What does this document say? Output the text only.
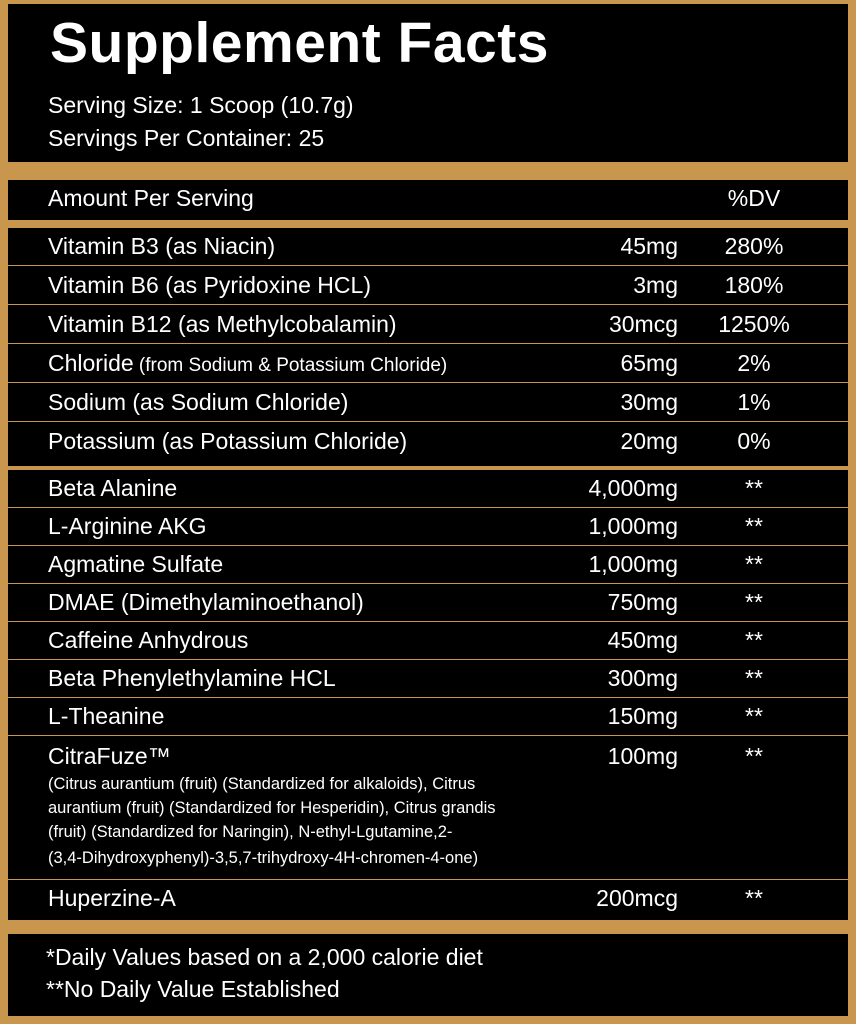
Supplement Facts
Serving Size: 1 Scoop (10.7g)
Servings Per Container: 25
Amount Per Serving	%DV
Vitamin B3 (as Niacin)	45mg	280%
Vitamin B6 (as Pyridoxine HCL)	3mg	180%
Vitamin B12 (as Methylcobalamin)	30mcg	1250%
Chloride (from Sodium & Potassium Chloride)	65mg	2%
Sodium (as Sodium Chloride)	30mg	1%
Potassium (as Potassium Chloride)	20mg	0%
Beta Alanine	4,000mg	**
L-Arginine AKG	1,000mg	**
Agmatine Sulfate	1,000mg	**
DMAE (Dimethylaminoethanol)	750mg	**
Caffeine Anhydrous	450mg	**
Beta Phenylethylamine HCL	300mg	**
L-Theanine	150mg	**
CitraFuze™	100mg	**
(Citrus aurantium (fruit) (Standardized for alkaloids), Citrus
aurantium (fruit) (Standardized for Hesperidin), Citrus grandis
(fruit) (Standardized for Naringin), N-ethyl-Lgutamine,2-
(3,4-Dihydroxyphenyl)-3,5,7-trihydroxy-4H-chromen-4-one)
Huperzine-A	200mcg	**
*Daily Values based on a 2,000 calorie diet
**No Daily Value Established
